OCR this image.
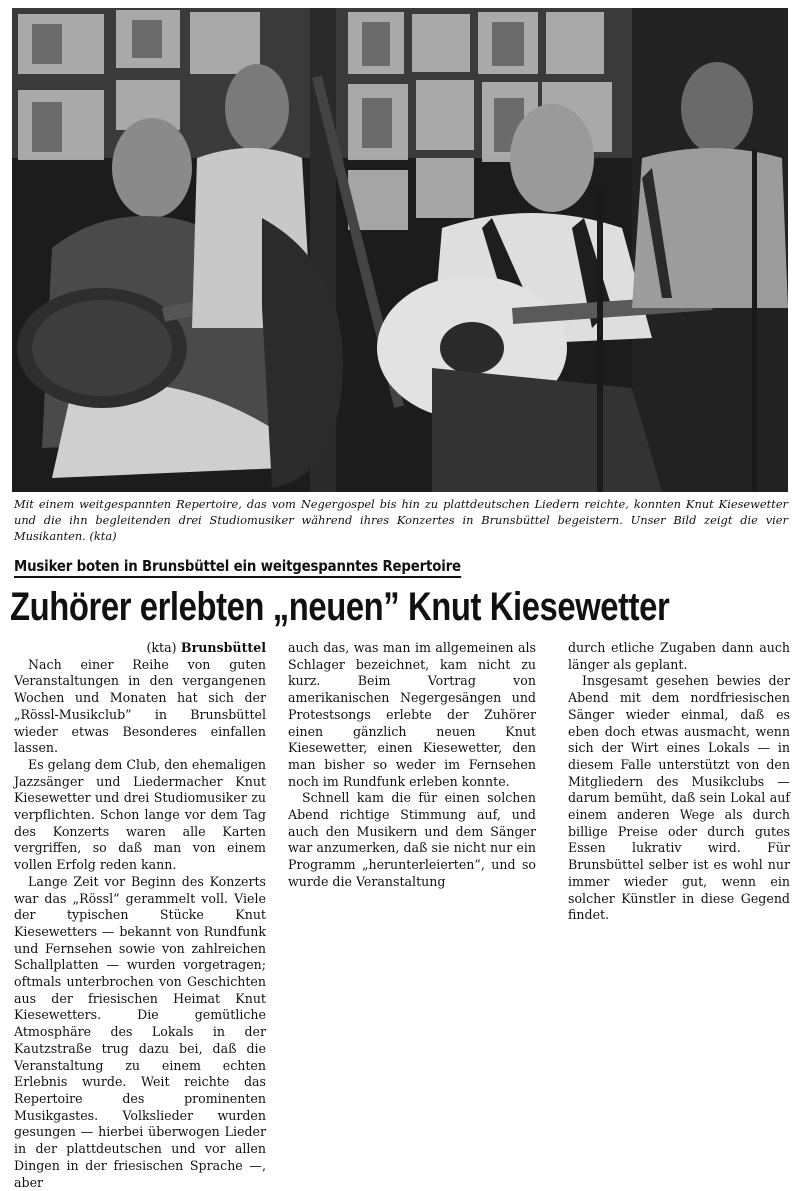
Mit einem weitgespannten Repertoire, das vom Negergospel bis hin zu plattdeutschen Liedern reichte, konnten Knut Kiesewetter und die ihn begleitenden drei Studiomusiker während ihres Konzertes in Brunsbüttel begeistern. Unser Bild zeigt die vier Musikanten. (kta)
Musiker boten in Brunsbüttel ein weitgespanntes Repertoire
Zuhörer erlebten „neuen” Knut Kiesewetter
(kta) Brunsbüttel

Nach einer Reihe von guten Veranstaltungen in den vergangenen Wochen und Monaten hat sich der „Rössl-Musikclub” in Brunsbüttel wieder etwas Besonderes einfallen lassen.

Es gelang dem Club, den ehemaligen Jazzsänger und Liedermacher Knut Kiesewetter und drei Studiomusiker zu verpflichten. Schon lange vor dem Tag des Konzerts waren alle Karten vergriffen, so daß man von einem vollen Erfolg reden kann.

Lange Zeit vor Beginn des Konzerts war das „Rössl” gerammelt voll. Viele der typischen Stücke Knut Kiesewetters — bekannt von Rundfunk und Fernsehen sowie von zahlreichen Schallplatten — wurden vorgetragen; oftmals unterbrochen von Geschichten aus der friesischen Heimat Knut Kiesewetters. Die gemütliche Atmosphäre des Lokals in der Kautzstraße trug dazu bei, daß die Veranstaltung zu einem echten Erlebnis wurde. Weit reichte das Repertoire des prominenten Musikgastes. Volkslieder wurden gesungen — hierbei überwogen Lieder in der plattdeutschen und vor allen Dingen in der friesischen Sprache —, aber

auch das, was man im allgemeinen als Schlager bezeichnet, kam nicht zu kurz. Beim Vortrag von amerikanischen Negergesängen und Protestsongs erlebte der Zuhörer einen gänzlich neuen Knut Kiesewetter, einen Kiesewetter, den man bisher so weder im Fernsehen noch im Rundfunk erleben konnte.

Schnell kam die für einen solchen Abend richtige Stimmung auf, und auch den Musikern und dem Sänger war anzumerken, daß sie nicht nur ein Programm „herunterleierten”, und so wurde die Veranstaltung

durch etliche Zugaben dann auch länger als geplant.

Insgesamt gesehen bewies der Abend mit dem nordfriesischen Sänger wieder einmal, daß es eben doch etwas ausmacht, wenn sich der Wirt eines Lokals — in diesem Falle unterstützt von den Mitgliedern des Musikclubs — darum bemüht, daß sein Lokal auf einem anderen Wege als durch billige Preise oder durch gutes Essen lukrativ wird. Für Brunsbüttel selber ist es wohl nur immer wieder gut, wenn ein solcher Künstler in diese Gegend findet.
